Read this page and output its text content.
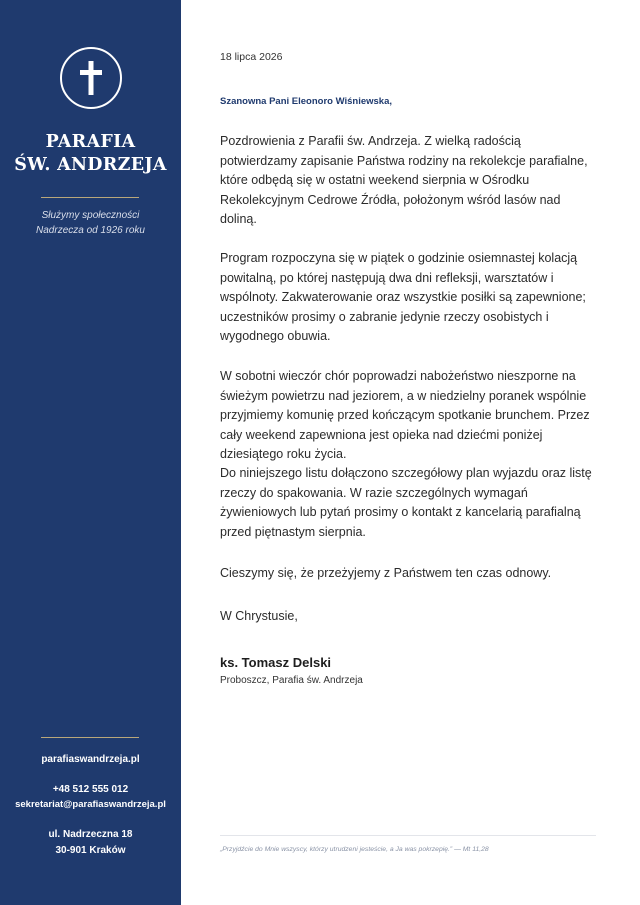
PARAFIA
ŚW. ANDRZEJA
Służymy społeczności
Nadrzecza od 1926 roku
parafiaswandrzeja.pl
+48 512 555 012
sekretariat@parafiaswandrzeja.pl
ul. Nadrzeczna 18
30-901 Kraków
18 lipca 2026
Szanowna Pani Eleonoro Wiśniewska,

Pozdrowienia z Parafii św. Andrzeja. Z wielką radością potwierdzamy zapisanie Państwa rodziny na rekolekcje parafialne, które odbędą się w ostatni weekend sierpnia w Ośrodku Rekolekcyjnym Cedrowe Źródła, położonym wśród lasów nad doliną.

Program rozpoczyna się w piątek o godzinie osiemnastej kolacją powitalną, po której następują dwa dni refleksji, warsztatów i wspólnoty. Zakwaterowanie oraz wszystkie posiłki są zapewnione; uczestników prosimy o zabranie jedynie rzeczy osobistych i wygodnego obuwia.

W sobotni wieczór chór poprowadzi nabożeństwo nieszporne na świeżym powietrzu nad jeziorem, a w niedzielny poranek wspólnie przyjmiemy komunię przed kończącym spotkanie brunchem. Przez cały weekend zapewniona jest opieka nad dziećmi poniżej dziesiątego roku życia.

Do niniejszego listu dołączono szczegółowy plan wyjazdu oraz listę rzeczy do spakowania. W razie szczególnych wymagań żywieniowych lub pytań prosimy o kontakt z kancelarią parafialną przed piętnastym sierpnia.

Cieszymy się, że przeżyjemy z Państwem ten czas odnowy.

W Chrystusie,

ks. Tomasz Delski
Proboszcz, Parafia św. Andrzeja
„Przyjdźcie do Mnie wszyscy, którzy utrudzeni jesteście, a Ja was pokrzepię.” — Mt 11,28
